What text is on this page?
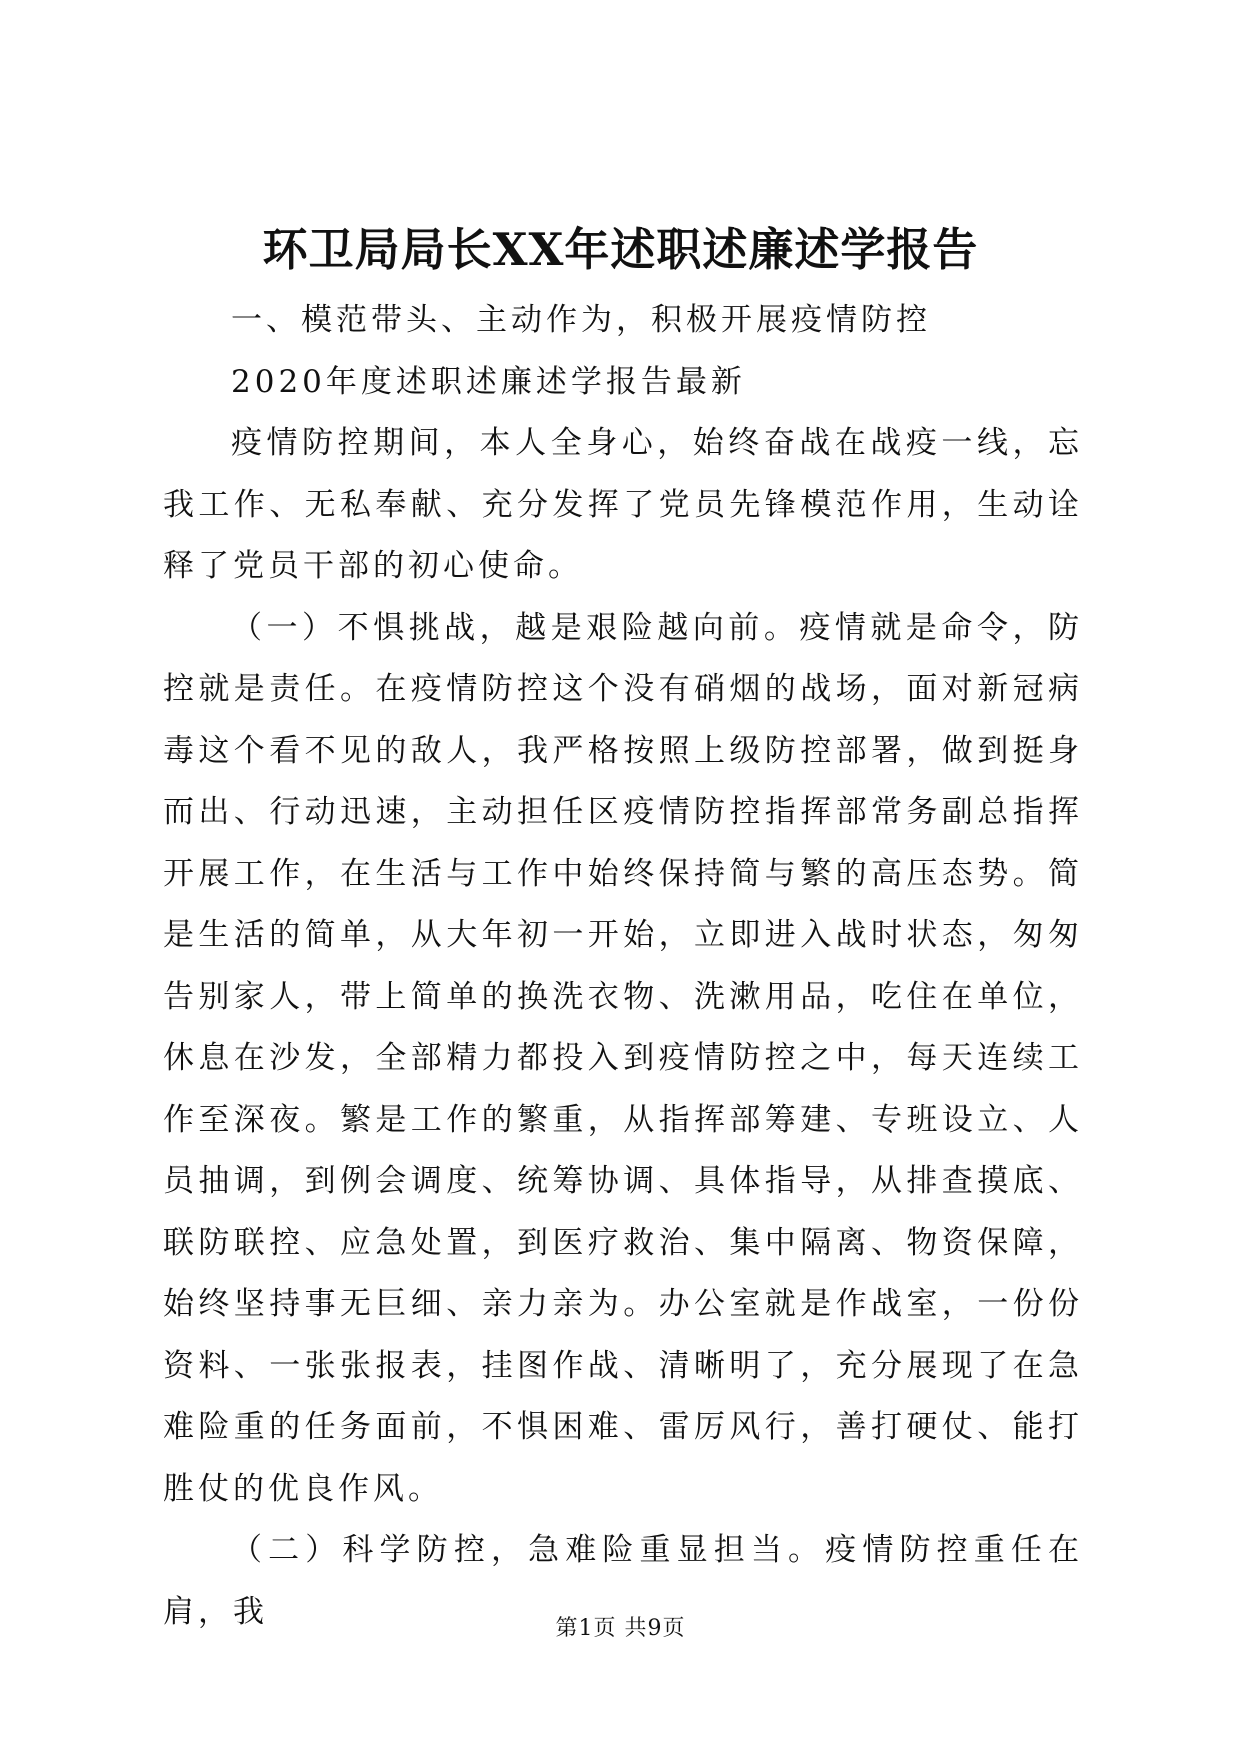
环卫局局长XX年述职述廉述学报告

一、模范带头、主动作为，积极开展疫情防控

2020年度述职述廉述学报告最新

疫情防控期间，本人全身心，始终奋战在战疫一线，忘我工作、无私奉献、充分发挥了党员先锋模范作用，生动诠释了党员干部的初心使命。

（一）不惧挑战，越是艰险越向前。疫情就是命令，防控就是责任。在疫情防控这个没有硝烟的战场，面对新冠病毒这个看不见的敌人，我严格按照上级防控部署，做到挺身而出、行动迅速，主动担任区疫情防控指挥部常务副总指挥开展工作，在生活与工作中始终保持简与繁的高压态势。简是生活的简单，从大年初一开始，立即进入战时状态，匆匆告别家人，带上简单的换洗衣物、洗漱用品，吃住在单位，休息在沙发，全部精力都投入到疫情防控之中，每天连续工作至深夜。繁是工作的繁重，从指挥部筹建、专班设立、人员抽调，到例会调度、统筹协调、具体指导，从排查摸底、联防联控、应急处置，到医疗救治、集中隔离、物资保障，始终坚持事无巨细、亲力亲为。办公室就是作战室，一份份资料、一张张报表，挂图作战、清晰明了，充分展现了在急难险重的任务面前，不惧困难、雷厉风行，善打硬仗、能打胜仗的优良作风。

（二）科学防控，急难险重显担当。疫情防控重任在肩，我	第1页 共9页
